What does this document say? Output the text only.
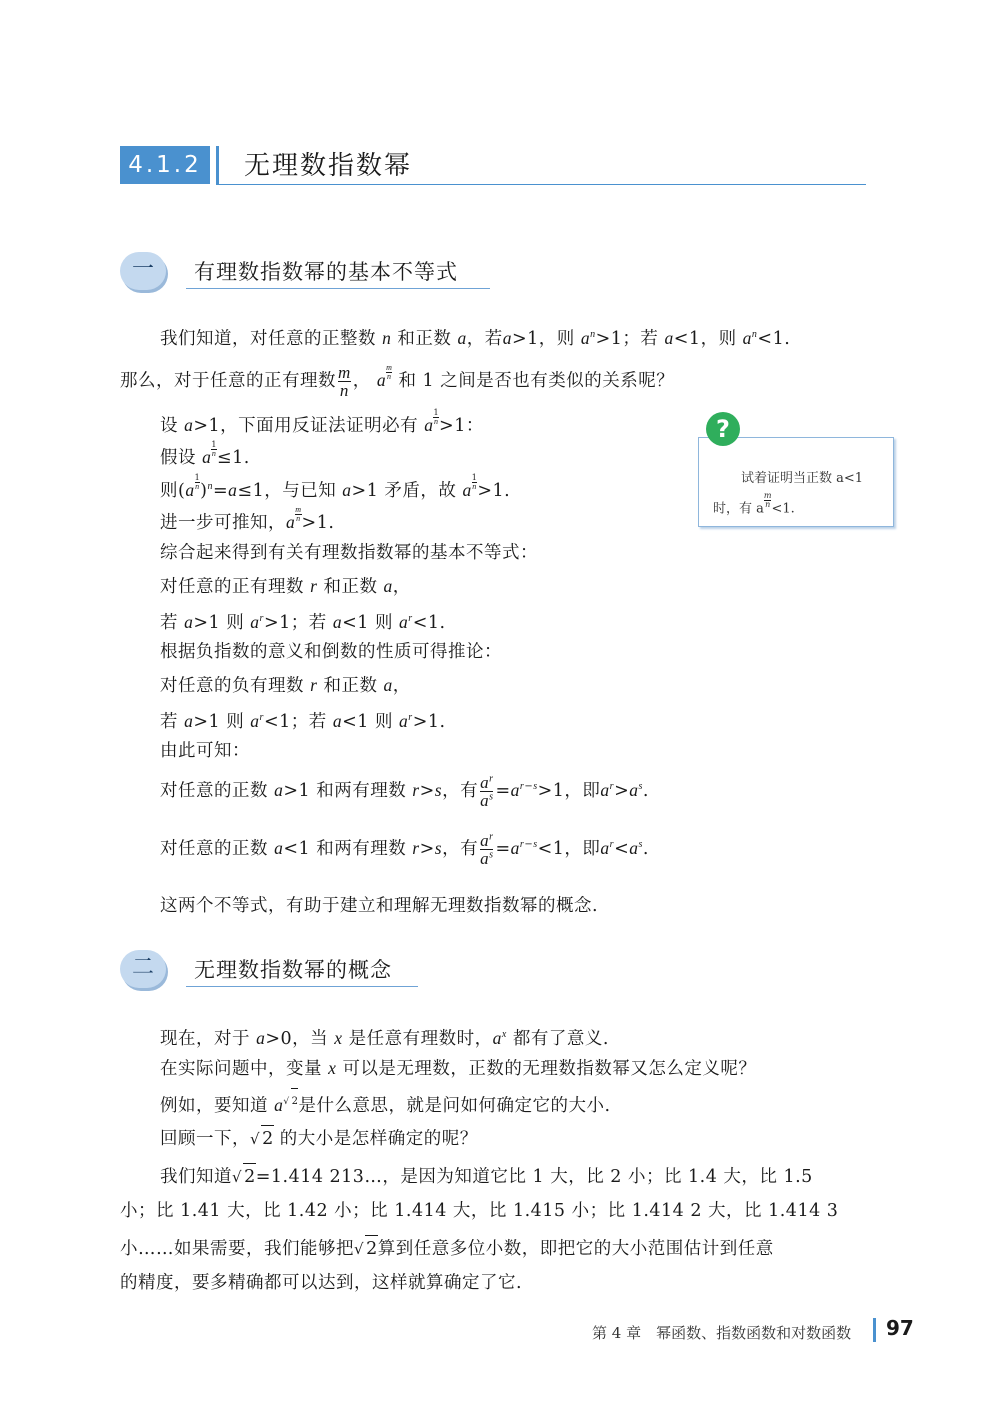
4.1.2	无理数指数幂
一	有理数指数幂的基本不等式
我们知道，对任意的正整数 n 和正数 a，若a>1，则 $a^n>1$；若 a<1，则 $a^n<1$.
那么，对于任意的正有理数 $\frac{m}{n}$ ， a $\frac{m}{n}$ 和 1 之间是否也有类似的关系呢？
设 a>1，下面用反证法证明必有 a $\frac{1}{n} >1$：
假设 a $\frac{1}{n} \le 1$.
则$(a \frac{1}{n} )^n=a\le 1$，与已知 a>1 矛盾，故 a $\frac{1}{n} >1$.
进一步可推知，a $\frac{m}{n} >1$.
综合起来得到有关有理数指数幂的基本不等式：
对任意的正有理数 r 和正数 a，
若 a>1 则 $a^r>1$；若 a<1 则 $a^r<1$.
根据负指数的意义和倒数的性质可得推论：
对任意的负有理数 r 和正数 a，
若 a>1 则 $a^r<1$；若 a<1 则 $a^r>1$.
由此可知：
对任意的正数 a>1 和两有理数 r>s，有 $\frac{a^r}{a^s} =a^{r-s}>1$，即$a^r>a^s$.
对任意的正数 a<1 和两有理数 r>s，有 $\frac{a^r}{a^s} =a^{r-s}<1$，即$a^r<a^s$.
这两个不等式，有助于建立和理解无理数指数幂的概念.
试着证明当正数 a<1
时，有 a $\frac{m}{n} <1$.
?
二	无理数指数幂的概念
现在，对于 a>0，当 x 是任意有理数时，$a^x$ 都有了意义.
在实际问题中，变量 x 可以是无理数，正数的无理数指数幂又怎么定义呢？
例如，要知道 $a^{√ 2}$是什么意思，就是问如何确定它的大小.
回顾一下，√ 2 的大小是怎样确定的呢？
我们知道√ 2=1.414 213…，是因为知道它比 1 大，比 2 小；比 1.4 大，比 1.5
小；比 1.41 大，比 1.42 小；比 1.414 大，比 1.415 小；比 1.414 2 大，比 1.414 3
小……如果需要，我们能够把√ 2算到任意多位小数，即把它的大小范围估计到任意
的精度，要多精确都可以达到，这样就算确定了它.
第 4 章　幂函数、指数函数和对数函数 97
